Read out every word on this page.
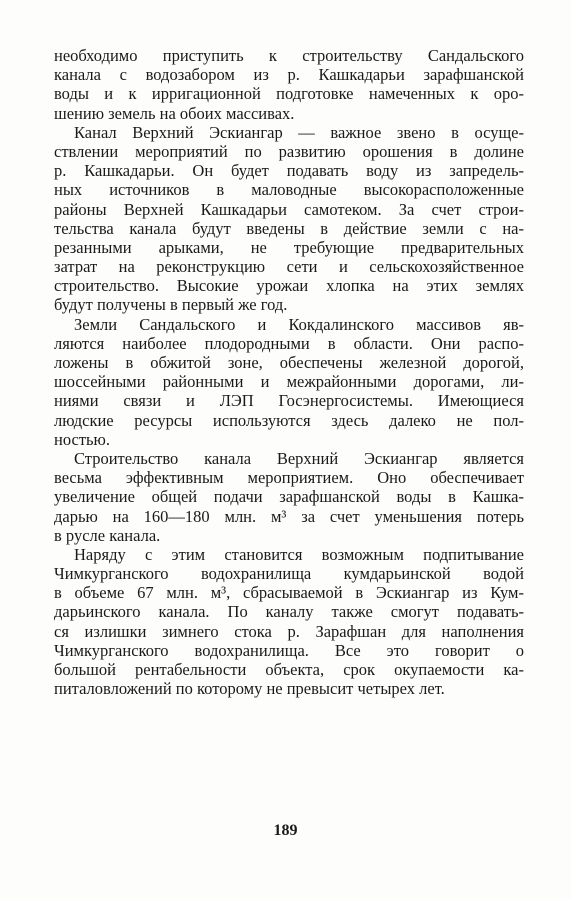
необходимо приступить к строительству Сандальского
канала с водозабором из р. Кашкадарьи зарафшанской
воды и к ирригационной подготовке намеченных к оро-
шению земель на обоих массивах.
Канал Верхний Эскиангар — важное звено в осуще-
ствлении мероприятий по развитию орошения в долине
р. Кашкадарьи. Он будет подавать воду из запредель-
ных источников в маловодные высокорасположенные
районы Верхней Кашкадарьи самотеком. За счет строи-
тельства канала будут введены в действие земли с на-
резанными арыками, не требующие предварительных
затрат на реконструкцию сети и сельскохозяйственное
строительство. Высокие урожаи хлопка на этих землях
будут получены в первый же год.
Земли Сандальского и Кокдалинского массивов яв-
ляются наиболее плодородными в области. Они распо-
ложены в обжитой зоне, обеспечены железной дорогой,
шоссейными районными и межрайонными дорогами, ли-
ниями связи и ЛЭП Госэнергосистемы. Имеющиеся
людские ресурсы используются здесь далеко не пол-
ностью.
Строительство канала Верхний Эскиангар является
весьма эффективным мероприятием. Оно обеспечивает
увеличение общей подачи зарафшанской воды в Кашка-
дарью на 160—180 млн. м³ за счет уменьшения потерь
в русле канала.
Наряду с этим становится возможным подпитывание
Чимкурганского водохранилища кумдарьинской водой
в объеме 67 млн. м³, сбрасываемой в Эскиангар из Кум-
дарьинского канала. По каналу также смогут подавать-
ся излишки зимнего стока р. Зарафшан для наполнения
Чимкурганского водохранилища. Все это говорит о
большой рентабельности объекта, срок окупаемости ка-
питаловложений по которому не превысит четырех лет.
189
